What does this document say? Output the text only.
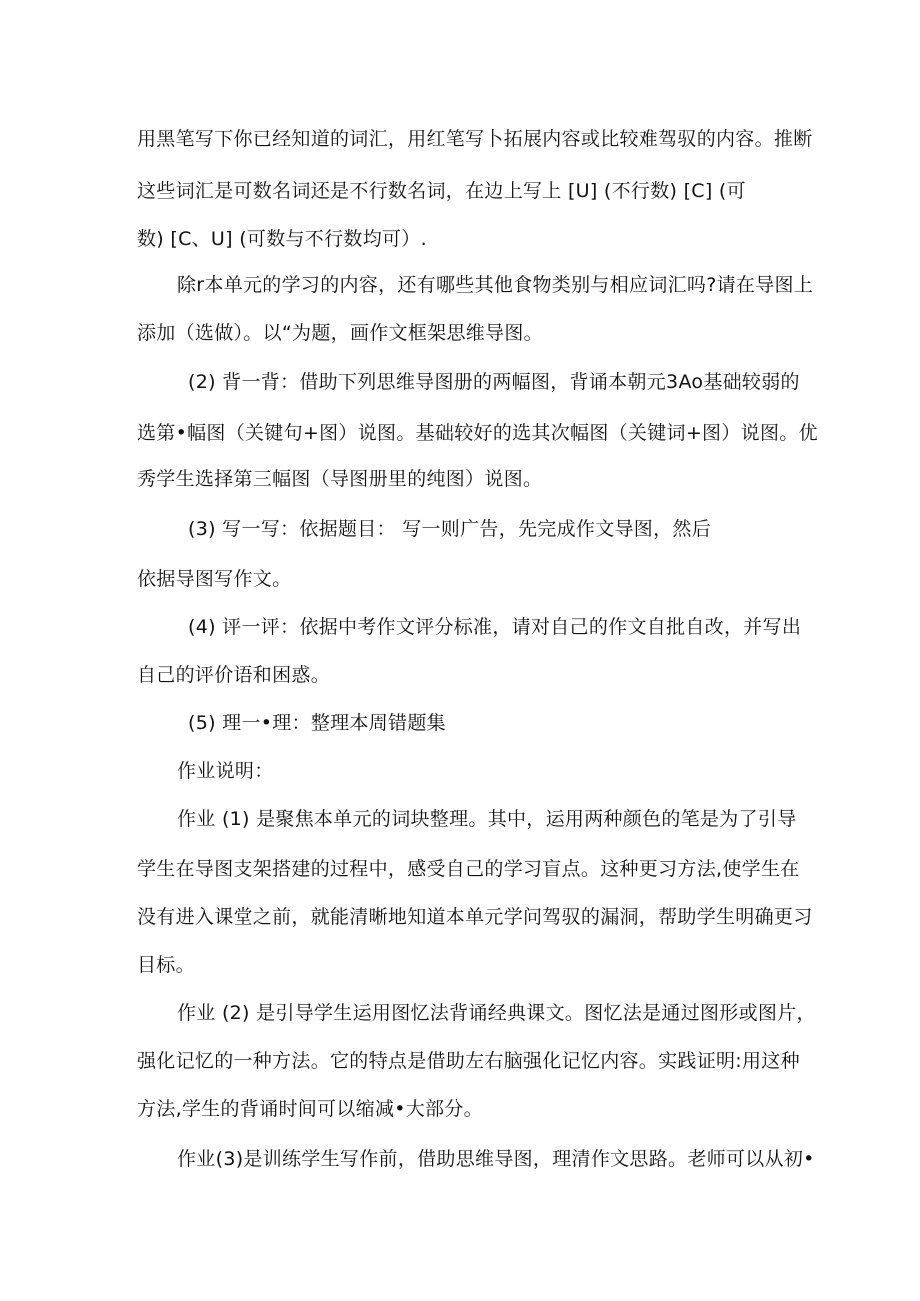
用黑笔写下你已经知道的词汇，用红笔写卜拓展内容或比较难驾驭的内容。推断
这些词汇是可数名词还是不行数名词，在边上写上 [U] (不行数) [C] (可
数) [C、U] (可数与不行数均可）.
除r本单元的学习的内容，还有哪些其他食物类别与相应词汇吗?请在导图上
添加（选做）。以“为题，画作文框架思维导图。
(2) 背一背：借助下列思维导图册的两幅图，背诵本朝元3Ao基础较弱的
选第•幅图（关键句+图）说图。基础较好的选其次幅图（关键词+图）说图。优
秀学生选择第三幅图（导图册里的纯图）说图。
(3) 写一写：依据题目： 写一则广告，先完成作文导图，然后
依据导图写作文。
(4) 评一评：依据中考作文评分标准，请对自己的作文自批自改，并写出
自己的评价语和困惑。
(5) 理一•理：整理本周错题集
作业说明：
作业 (1) 是聚焦本单元的词块整理。其中，运用两种颜色的笔是为了引导
学生在导图支架搭建的过程中，感受自己的学习盲点。这种更习方法,使学生在
没有进入课堂之前，就能清晰地知道本单元学问驾驭的漏洞，帮助学生明确更习
目标。
作业 (2) 是引导学生运用图忆法背诵经典课文。图忆法是通过图形或图片，
强化记忆的一种方法。它的特点是借助左右脑强化记忆内容。实践证明:用这种
方法,学生的背诵时间可以缩减•大部分。
作业(3)是训练学生写作前，借助思维导图，理清作文思路。老师可以从初•
